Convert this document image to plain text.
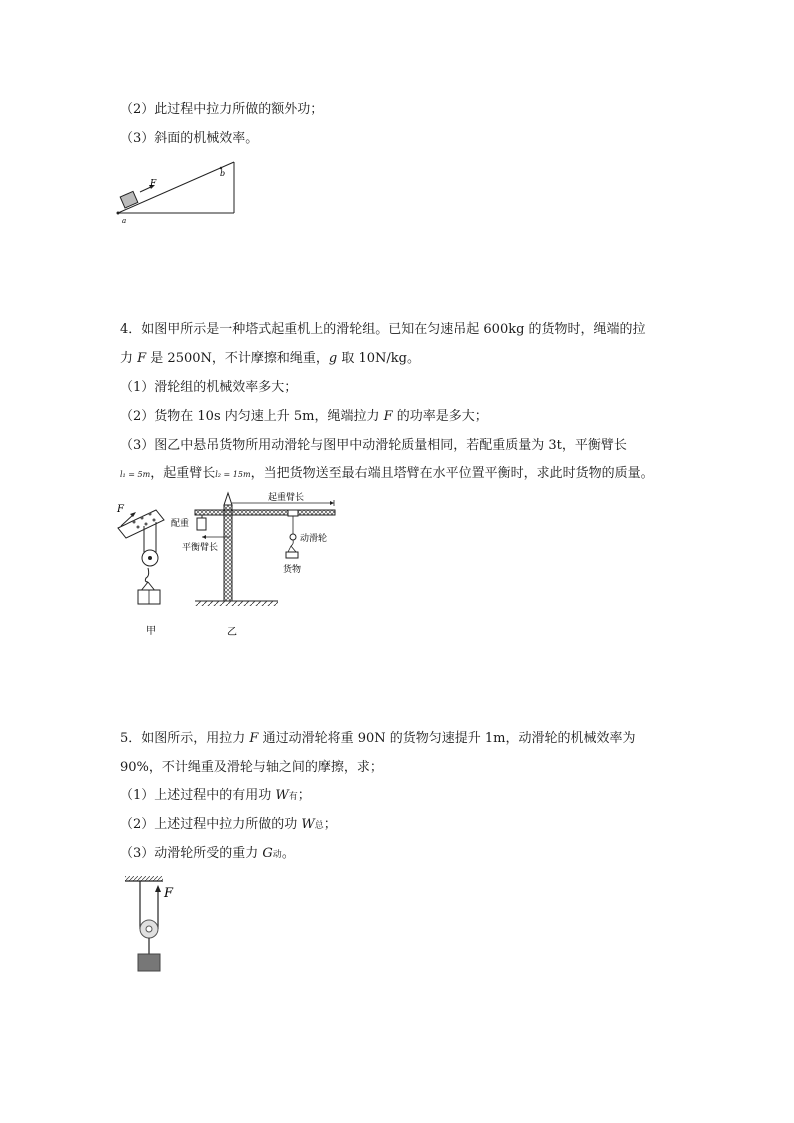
（2）此过程中拉力所做的额外功；
（3）斜面的机械效率。
F
a
b
4．如图甲所示是一种塔式起重机上的滑轮组。已知在匀速吊起 600kg 的货物时，绳端的拉
力 F 是 2500N，不计摩擦和绳重，g 取 10N/kg。
（1）滑轮组的机械效率多大；
（2）货物在 10s 内匀速上升 5m，绳端拉力 F 的功率是多大；
（3）图乙中悬吊货物所用动滑轮与图甲中动滑轮质量相同，若配重质量为 3t，平衡臂长
l₁ = 5m，起重臂长l₂ = 15m，当把货物送至最右端且塔臂在水平位置平衡时，求此时货物的质量。
F
甲
配重
平衡臂长
起重臂长
动滑轮
货物
乙
5．如图所示，用拉力 F 通过动滑轮将重 90N 的货物匀速提升 1m，动滑轮的机械效率为
90%，不计绳重及滑轮与轴之间的摩擦，求；
（1）上述过程中的有用功 W有；
（2）上述过程中拉力所做的功 W总；
（3）动滑轮所受的重力 G动。
F
